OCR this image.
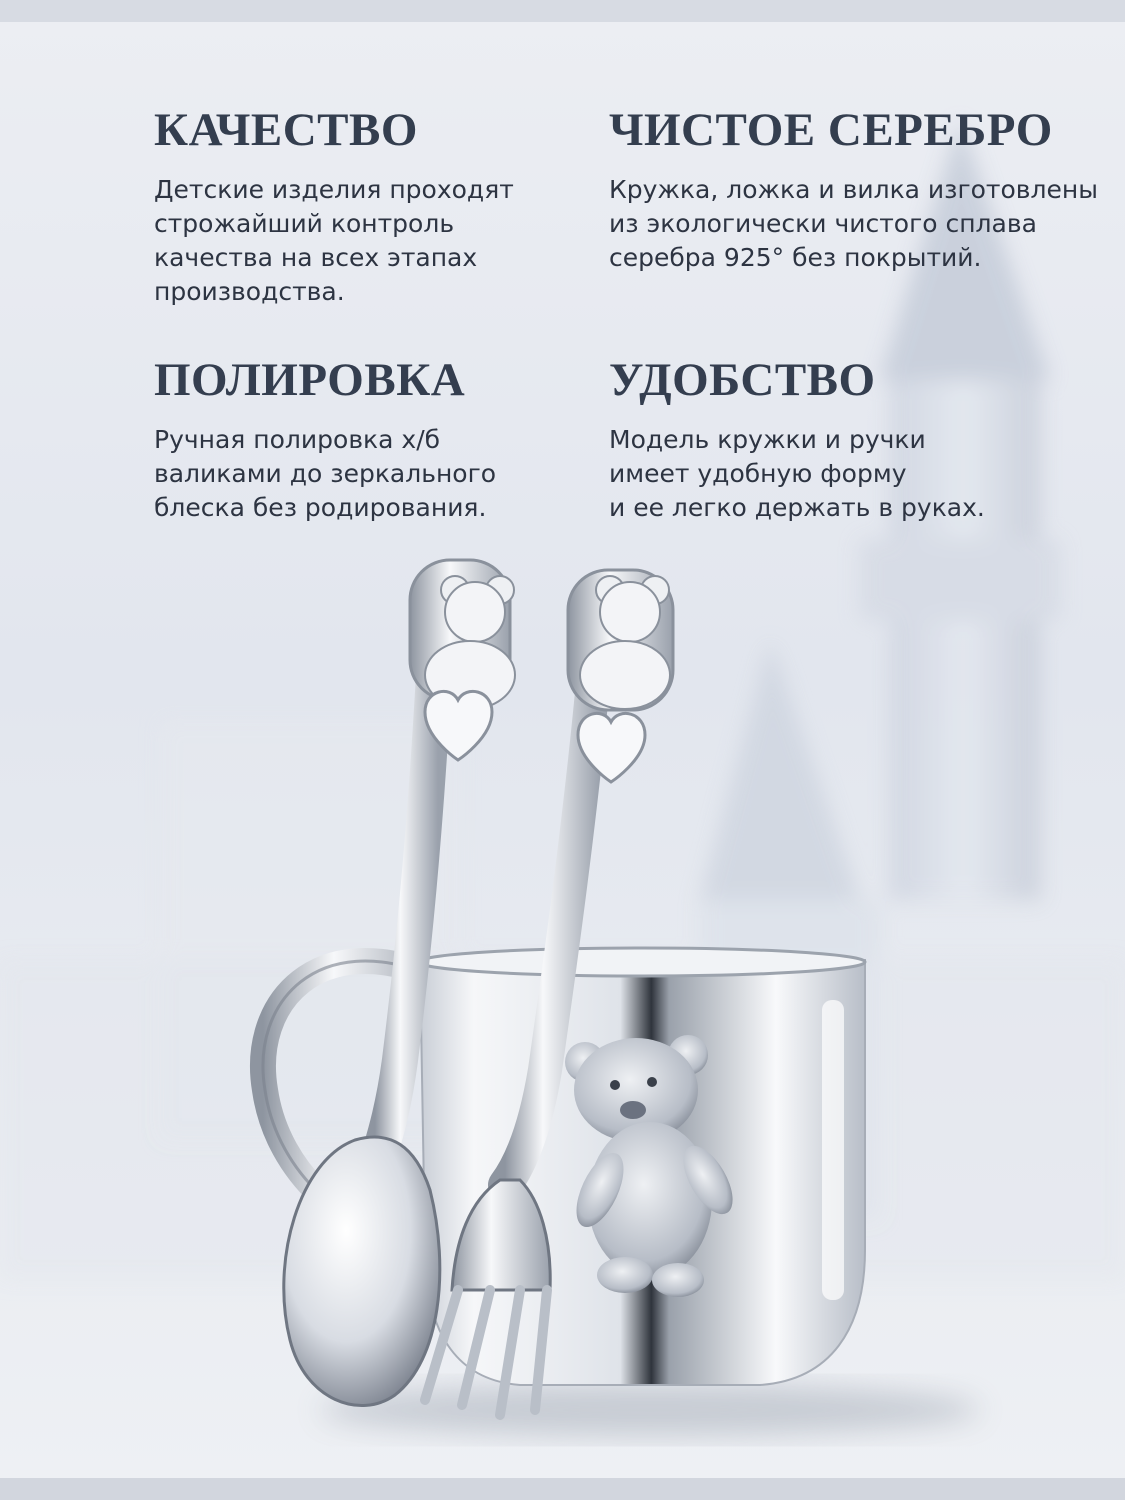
КАЧЕСТВО
Детские изделия проходят
строжайший контроль
качества на всех этапах
производства.
ЧИСТОЕ СЕРЕБРО
Кружка, ложка и вилка изготовлены
из экологически чистого сплава
серебра 925° без покрытий.
ПОЛИРОВКА
Ручная полировка х/б
валиками до зеркального
блеска без родирования.
УДОБСТВО
Модель кружки и ручки
имеет удобную форму
и ее легко держать в руках.
